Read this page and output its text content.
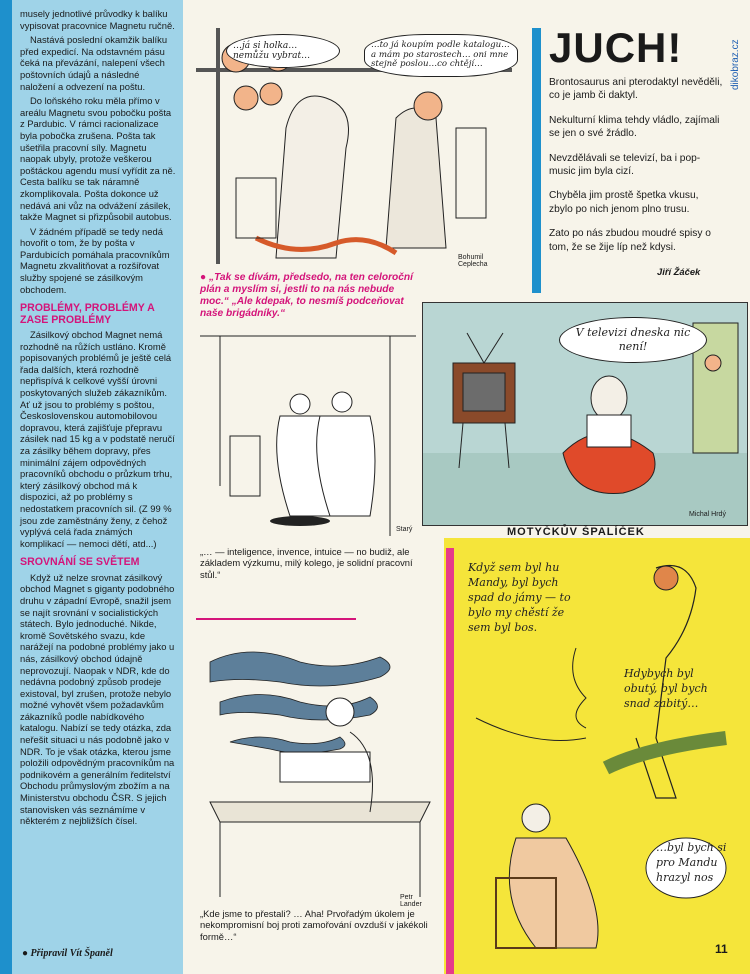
musely jednotlivé průvodky k balíku vypisovat pracovnice Magnetu ručně.

Nastává poslední okamžik balíku před expedicí. Na odstavném pásu čeká na převázání, nalepení všech poštovních údajů a následné naložení a odvezení na poštu.

Do loňského roku měla přímo v areálu Magnetu svou pobočku pošta z Pardubic. V rámci racionalizace byla pobočka zrušena. Pošta tak ušetřila pracovní síly. Magnetu naopak ubyly, protože veškerou poštáckou agendu musí vyřídit za ně. Cesta balíku se tak náramně zkomplikovala. Pošta dokonce už nedává ani vůz na odvážení zásilek, takže Magnet si přizpůsobil autobus.

V žádném případě se tedy nedá hovořit o tom, že by pošta v Pardubicích pomáhala pracovníkům Magnetu zkvalitňovat a rozšiřovat služby spojené se zásilkovým obchodem.

PROBLÉMY, PROBLÉMY A ZASE PROBLÉMY

Zásilkový obchod Magnet nemá rozhodně na růžích ustláno. Kromě popisovaných problémů je ještě celá řada dalších, která rozhodně nepřispívá k celkové vyšší úrovni poskytovaných služeb zákazníkům. Ať už jsou to problémy s poštou, Československou automobilovou dopravou, která zajišťuje přepravu zásilek nad 15 kg a v podstatě neručí za zásilky během dopravy, přes minimální zájem odpovědných pracovníků obchodu o průzkum trhu, který zásilkový obchod má k dispozici, až po problémy s nedostatkem pracovních sil. (Z 99 % jsou zde zaměstnány ženy, z čehož vyplývá celá řada známých komplikací — nemoci dětí, atd...)

SROVNÁNÍ SE SVĚTEM

Když už nelze srovnat zásilkový obchod Magnet s giganty podobného druhu v západní Evropě, snažil jsem se najít srovnání v socialistických státech. Bylo jednoduché. Nikde, kromě Sovětského svazu, kde narážejí na podobné problémy jako u nás, zásilkový obchod údajně neprovozují. Naopak v NDR, kde do nedávna podobný způsob prodeje existoval, byl zrušen, protože nebylo možné vyhovět všem požadavkům zákazníků podle nabídkového katalogu. Nabízí se tedy otázka, zda neřešit situaci u nás podobně jako v NDR. To je však otázka, kterou jsme položili odpovědným pracovníkům na podnikovém a generálním ředitelství Obchodu průmyslovým zbožím a na Ministerstvu obchodu ČSR. S jejich stanovisken vás seznámíme v některém z nejbližších čísel.

● Připravil Vít Španěl
Bohumil Ceplecha
…já si holka…nemůžu vybrat…
…to já koupím podle katalogu… a mám po starostech… oni mne stejně poslou…co chtějí…
● „Tak se dívám, předsedo, na ten celoroční plán a myslím si, jestli to na nás nebude moc.“ „Ale kdepak, to nesmíš podceňovat naše brigádníky.“
JUCH!

Brontosaurus ani pterodaktyl nevěděli, co je jamb či daktyl.

Nekulturní klima tehdy vládlo, zajímali se jen o své žrádlo.

Nevzdělávali se televizí, ba i pop-music jim byla cizí.

Chyběla jim prostě špetka vkusu, zbylo po nich jenom plno trusu.

Zato po nás zbudou moudré spisy o tom, že se žije líp než kdysi.

Jiří Žáček
dikobraz.cz
V televizi dneska nic není!
Michal Hrdý
Starý
„… — inteligence, invence, intuice — no budiž, ale základem výzkumu, milý kolego, je solidní pracovní stůl.“
Petr Lander
„Kde jsme to přestali? … Aha! Prvořadým úkolem je nekompromisní boj proti zamořování ovzduší v jakékoli formě…“
MOTYČKŮV ŠPALÍČEK
Když sem byl hu Mandy, byl bych spad do jámy — to bylo my chěstí že sem byl bos.
Hdybych byl obutý, byl bych snad zabitý…
…byl bych si pro Mandu hrazyl nos
11
